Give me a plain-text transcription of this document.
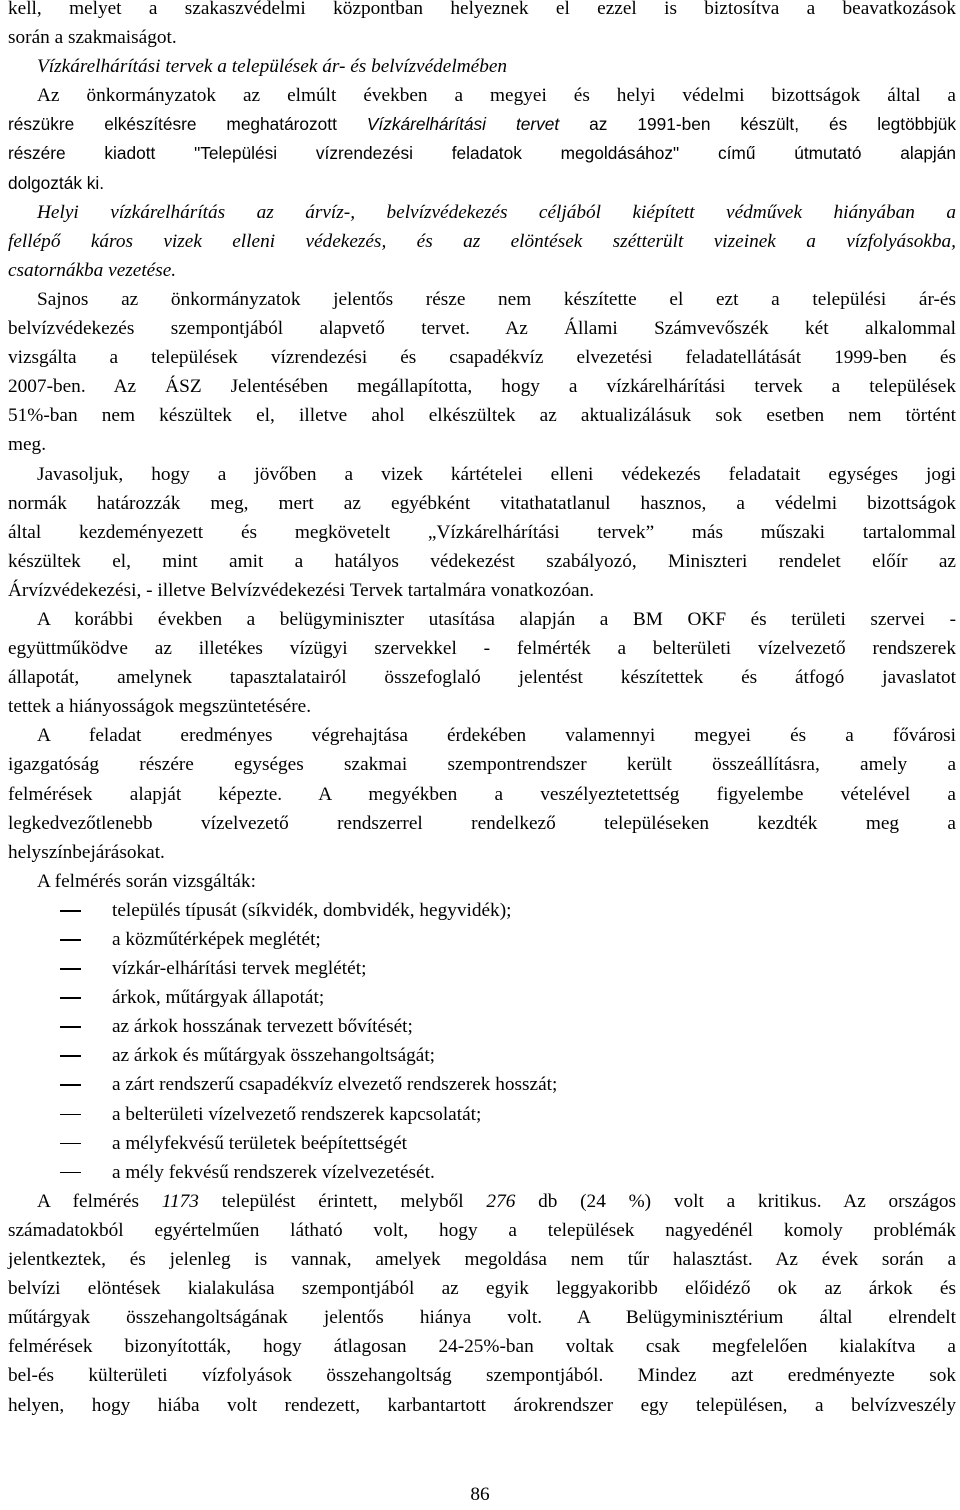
kell, melyet a szakaszvédelmi központban helyeznek el ezzel is biztosítva a beavatkozások
során a szakmaiságot.
Vízkárelhárítási tervek a települések ár- és belvízvédelmében
Az önkormányzatok az elmúlt években a megyei és helyi védelmi bizottságok által a
részükre elkészítésre meghatározott Vízkárelhárítási tervet az 1991-ben készült, és legtöbbjük
részére kiadott "Települési vízrendezési feladatok megoldásához" című útmutató alapján
dolgozták ki.
Helyi vízkárelhárítás az árvíz-, belvízvédekezés céljából kiépített védművek hiányában a
fellépő káros vizek elleni védekezés, és az elöntések szétterült vizeinek a vízfolyásokba,
csatornákba vezetése.
Sajnos az önkormányzatok jelentős része nem készítette el ezt a települési ár-és
belvízvédekezés szempontjából alapvető tervet. Az Állami Számvevőszék két alkalommal
vizsgálta a települések vízrendezési és csapadékvíz elvezetési feladatellátását 1999-ben és
2007-ben. Az ÁSZ Jelentésében megállapította, hogy a vízkárelhárítási tervek a települések
51%-ban nem készültek el, illetve ahol elkészültek az aktualizálásuk sok esetben nem történt
meg.
Javasoljuk, hogy a jövőben a vizek kártételei elleni védekezés feladatait egységes jogi
normák határozzák meg, mert az egyébként vitathatatlanul hasznos, a védelmi bizottságok
által kezdeményezett és megkövetelt „Vízkárelhárítási tervek” más műszaki tartalommal
készültek el, mint amit a hatályos védekezést szabályozó, Miniszteri rendelet előír az
Árvízvédekezési, - illetve Belvízvédekezési Tervek tartalmára vonatkozóan.
A korábbi években a belügyminiszter utasítása alapján a BM OKF és területi szervei -
együttműködve az illetékes vízügyi szervekkel - felmérték a belterületi vízelvezető rendszerek
állapotát, amelynek tapasztalatairól összefoglaló jelentést készítettek és átfogó javaslatot
tettek a hiányosságok megszüntetésére.
A feladat eredményes végrehajtása érdekében valamennyi megyei és a fővárosi
igazgatóság részére egységes szakmai szempontrendszer került összeállításra, amely a
felmérések alapját képezte. A megyékben a veszélyeztetettség figyelembe vételével a
legkedvezőtlenebb vízelvezető rendszerrel rendelkező településeken kezdték meg a
helyszínbejárásokat.
A felmérés során vizsgálták:
település típusát (síkvidék, dombvidék, hegyvidék);
a közműtérképek meglétét;
vízkár-elhárítási tervek meglétét;
árkok, műtárgyak állapotát;
az árkok hosszának tervezett bővítését;
az árkok és műtárgyak összehangoltságát;
a zárt rendszerű csapadékvíz elvezető rendszerek hosszát;
a belterületi vízelvezető rendszerek kapcsolatát;
a mélyfekvésű területek beépítettségét
a mély fekvésű rendszerek vízelvezetését.
A felmérés 1173 települést érintett, melyből 276 db (24 %) volt a kritikus. Az országos
számadatokból egyértelműen látható volt, hogy a települések nagyedénél komoly problémák
jelentkeztek, és jelenleg is vannak, amelyek megoldása nem tűr halasztást. Az évek során a
belvízi elöntések kialakulása szempontjából az egyik leggyakoribb előidéző ok az árkok és
műtárgyak összehangoltságának jelentős hiánya volt. A Belügyminisztérium által elrendelt
felmérések bizonyították, hogy átlagosan 24-25%-ban voltak csak megfelelően kialakítva a
bel-és külterületi vízfolyások összehangoltság szempontjából. Mindez azt eredményezte sok
helyen, hogy hiába volt rendezett, karbantartott árokrendszer egy településen, a belvízveszély
86
